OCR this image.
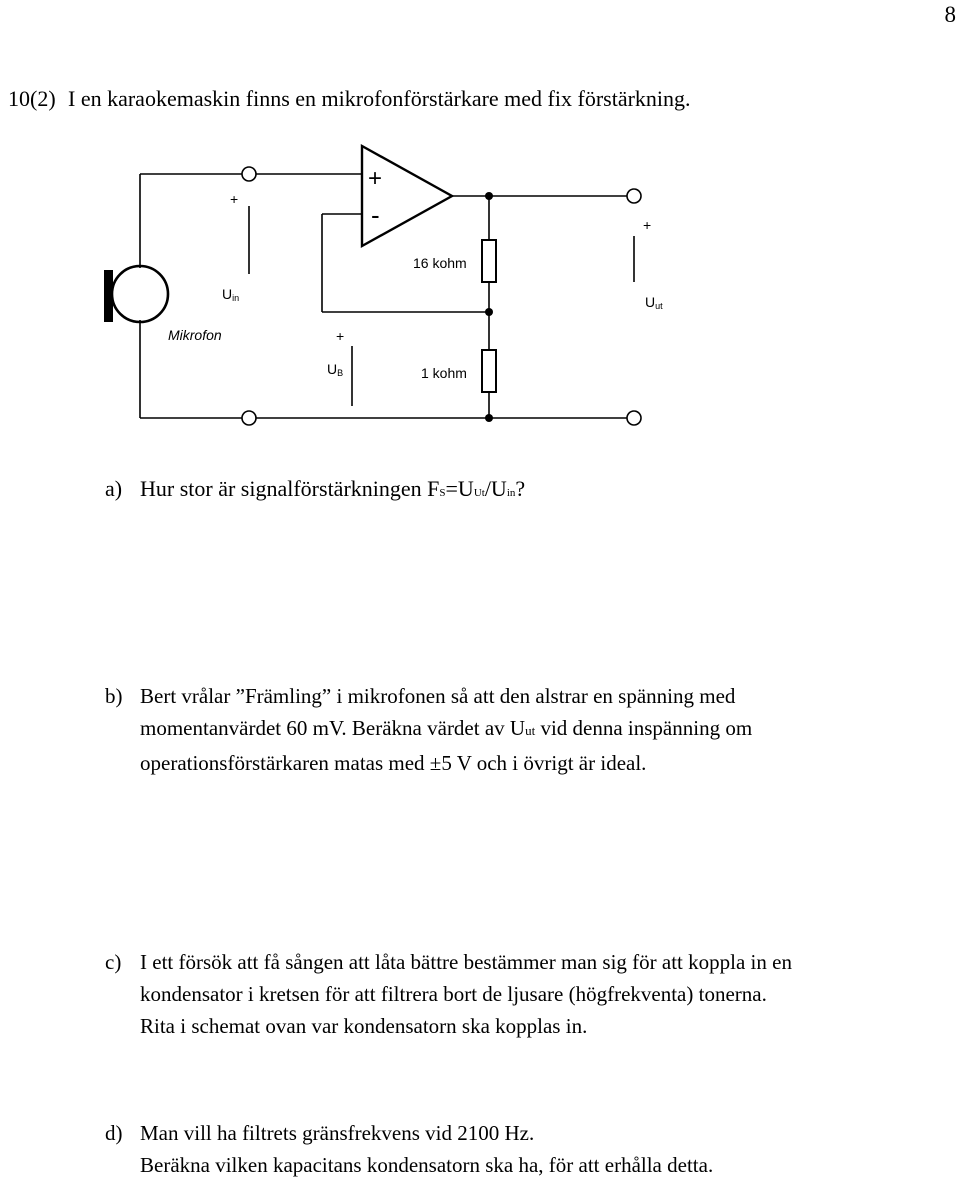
8
10(2) I en karaokemaskin finns en mikrofonförstärkare med fix förstärkning.
+
-
+
Uin
+
Uut
Mikrofon	+
UB
16 kohm
1 kohm
a) Hur stor är signalförstärkningen FS=UUt/Uin?
b) Bert vrålar ”Främling” i mikrofonen så att den alstrar en spänning med
momentanvärdet 60 mV. Beräkna värdet av Uut vid denna inspänning om
operationsförstärkaren matas med ±5 V och i övrigt är ideal.
c) I ett försök att få sången att låta bättre bestämmer man sig för att koppla in en
kondensator i kretsen för att filtrera bort de ljusare (högfrekventa) tonerna.
Rita i schemat ovan var kondensatorn ska kopplas in.
d) Man vill ha filtrets gränsfrekvens vid 2100 Hz.
Beräkna vilken kapacitans kondensatorn ska ha, för att erhålla detta.
